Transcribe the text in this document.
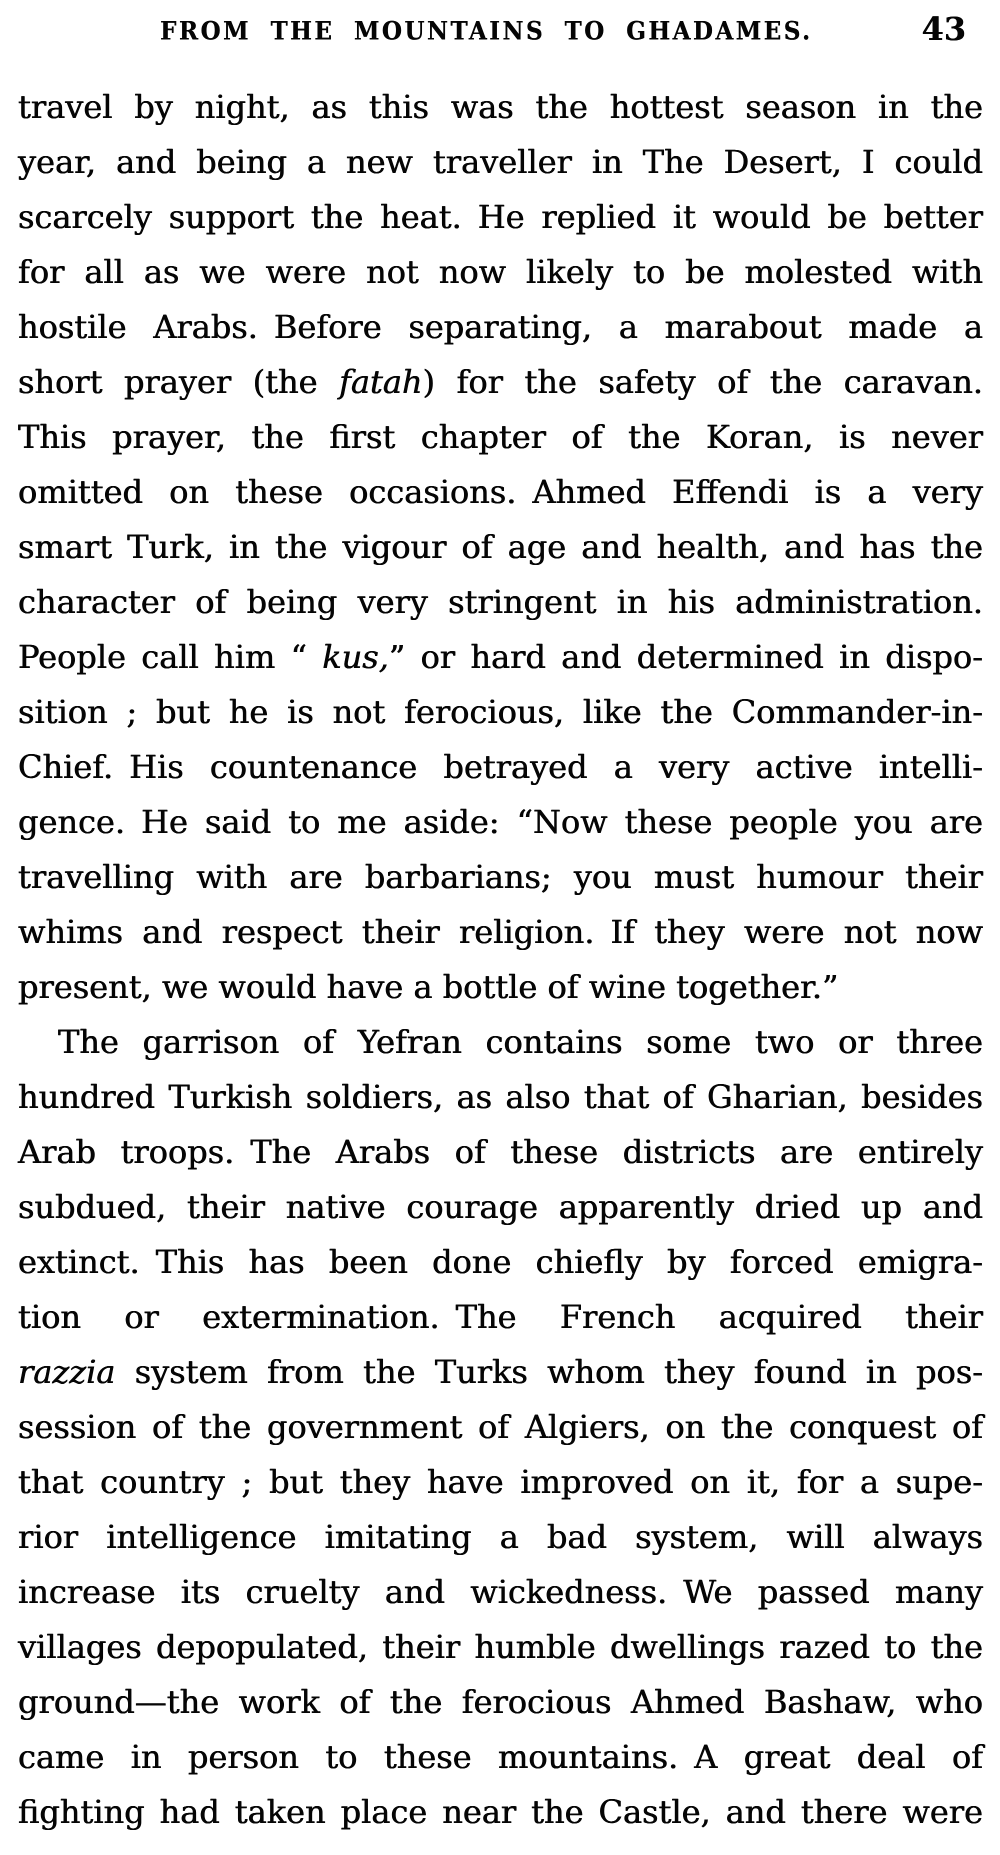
FROM THE MOUNTAINS TO GHADAMES.	43
travel by night, as this was the hottest season in the
year, and being a new traveller in The Desert, I could
scarcely support the heat. He replied it would be better
for all as we were not now likely to be molested with
hostile Arabs. Before separating, a marabout made a
short prayer (the fatah) for the safety of the caravan.
This prayer, the first chapter of the Koran, is never
omitted on these occasions. Ahmed Effendi is a very
smart Turk, in the vigour of age and health, and has the
character of being very stringent in his administration.
People call him “ kus,” or hard and determined in dispo-
sition ; but he is not ferocious, like the Commander-in-
Chief. His countenance betrayed a very active intelli-
gence. He said to me aside: “Now these people you are
travelling with are barbarians; you must humour their
whims and respect their religion. If they were not now
present, we would have a bottle of wine together.”
The garrison of Yefran contains some two or three
hundred Turkish soldiers, as also that of Gharian, besides
Arab troops. The Arabs of these districts are entirely
subdued, their native courage apparently dried up and
extinct. This has been done chiefly by forced emigra-
tion or extermination. The French acquired their
razzia system from the Turks whom they found in pos-
session of the government of Algiers, on the conquest of
that country ; but they have improved on it, for a supe-
rior intelligence imitating a bad system, will always
increase its cruelty and wickedness. We passed many
villages depopulated, their humble dwellings razed to the
ground—the work of the ferocious Ahmed Bashaw, who
came in person to these mountains. A great deal of
fighting had taken place near the Castle, and there were
